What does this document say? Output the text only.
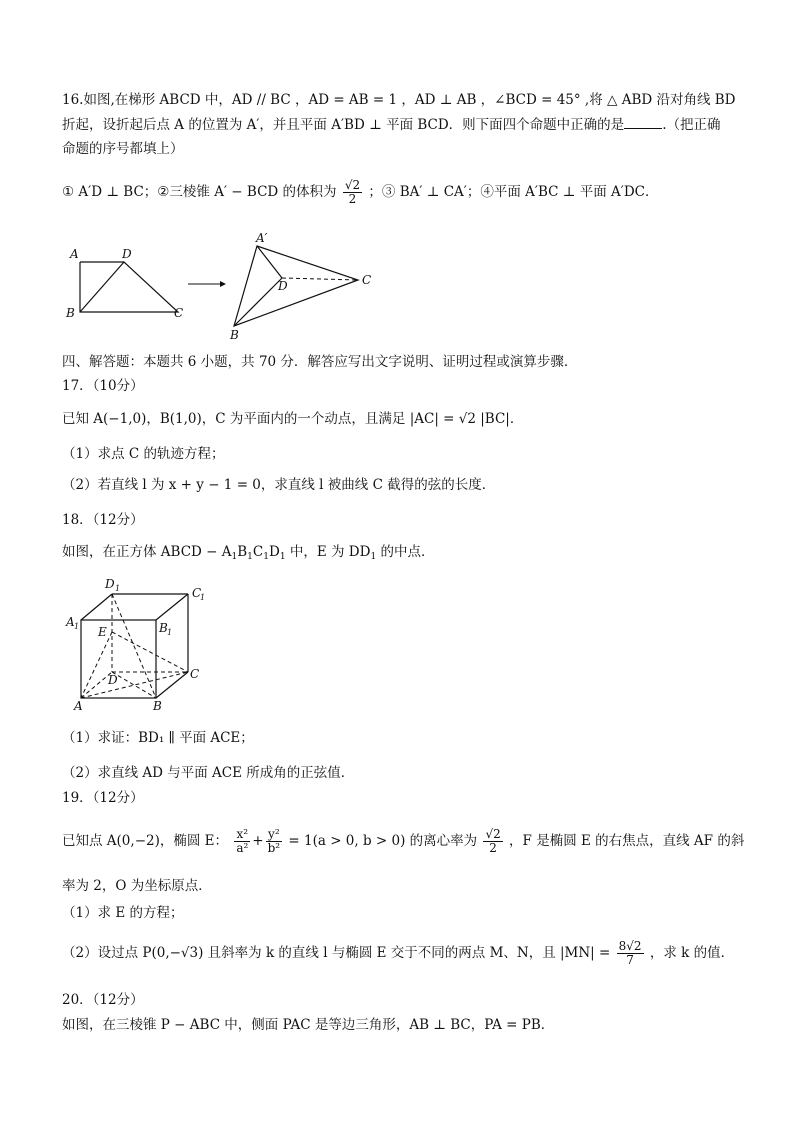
16.如图,在梯形 ABCD 中，AD // BC ，AD = AB = 1 ，AD ⊥ AB ，∠BCD = 45° ,将 △ ABD 沿对角线 BD
折起，设折起后点 A 的位置为 A′，并且平面 A′BD ⊥ 平面 BCD．则下面四个命题中正确的是	.（把正确
命题的序号都填上）
① A′D ⊥ BC；②三棱锥 A′ − BCD 的体积为 $\frac{√2}{2}$ ；③ BA′ ⊥ CA′；④平面 A′BC ⊥ 平面 A′DC．
A	D
B	C
A′
D	C
B
四、解答题：本题共 6 小题，共 70 分．解答应写出文字说明、证明过程或演算步骤．
17．（10分）
已知 A(−1,0)，B(1,0)，C 为平面内的一个动点，且满足 |AC| = √2 |BC|．
（1）求点 C 的轨迹方程；
（2）若直线 l 为 x + y − 1 = 0，求直线 l 被曲线 C 截得的弦的长度．
18．（12分）
如图，在正方体 ABCD − $A_1B_1C_1D_1$ 中，E 为 $DD_1$ 的中点．
D 1	C
1
A 1	B 1
E
D	C
A	B
（1）求证：BD₁ ∥ 平面 ACE；
（2）求直线 AD 与平面 ACE 所成角的正弦值．
19．（12分）
已知点 A(0,−2)，椭圆 E： $\frac{\text{x²}}{\text{a²}} + \frac{\text{y²}}{\text{b²}} = 1(a > 0$, b > 0) 的离心率为 $\frac{√2}{2}$ ，F 是椭圆 E 的右焦点，直线 AF 的斜
率为 2，O 为坐标原点．
（1）求 E 的方程；
（2）设过点 P(0,−√3) 且斜率为 k 的直线 l 与椭圆 E 交于不同的两点 M、N，且 $|MN| = \frac{8√2}{7}$ ，求 k 的值．
20．（12分）
如图，在三棱锥 P − ABC 中，侧面 PAC 是等边三角形，AB ⊥ BC，PA = PB．
